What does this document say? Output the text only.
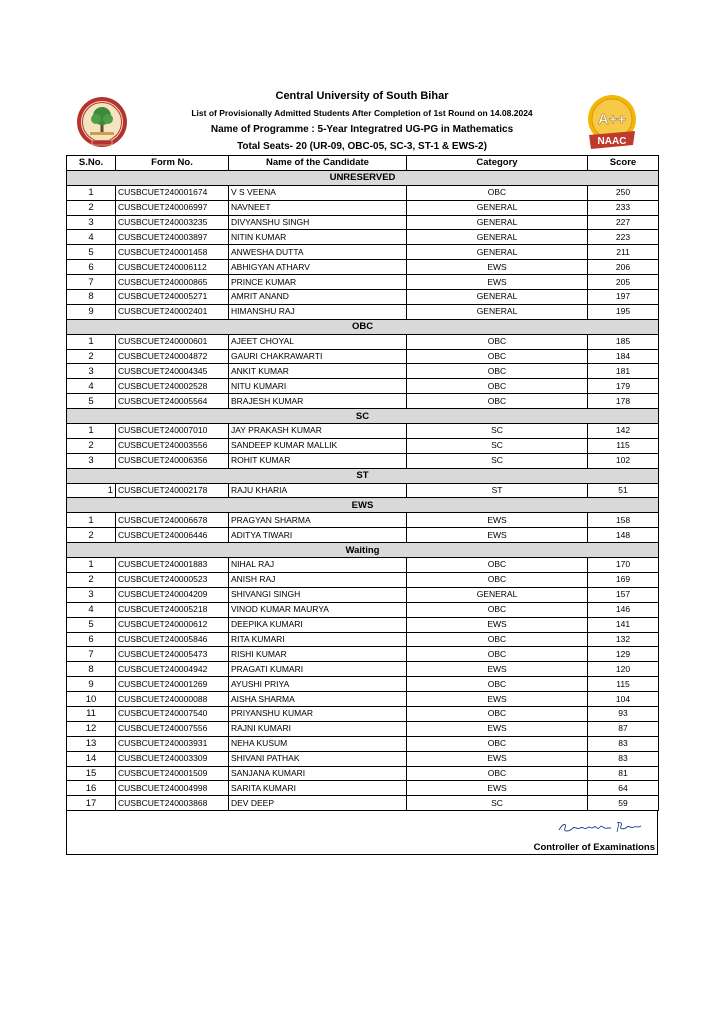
Central University of South Bihar
List of Provisionally Admitted Students After Completion of 1st Round on 14.08.2024
Name of Programme : 5-Year Integratred UG-PG in Mathematics
Total Seats- 20 (UR-09, OBC-05, SC-3, ST-1 & EWS-2)
A++
NAAC
S.No.	Form No.	Name of the Candidate	Category	Score
UNRESERVED				
1	CUSBCUET240001674	V S VEENA	OBC	250
2	CUSBCUET240006997	NAVNEET	GENERAL	233
3	CUSBCUET240003235	DIVYANSHU SINGH	GENERAL	227
4	CUSBCUET240003897	NITIN KUMAR	GENERAL	223
5	CUSBCUET240001458	ANWESHA DUTTA	GENERAL	211
6	CUSBCUET240006112	ABHIGYAN ATHARV	EWS	206
7	CUSBCUET240000865	PRINCE KUMAR	EWS	205
8	CUSBCUET240005271	AMRIT ANAND	GENERAL	197
9	CUSBCUET240002401	HIMANSHU RAJ	GENERAL	195
OBC				
1	CUSBCUET240000601	AJEET CHOYAL	OBC	185
2	CUSBCUET240004872	GAURI CHAKRAWARTI	OBC	184
3	CUSBCUET240004345	ANKIT KUMAR	OBC	181
4	CUSBCUET240002528	NITU KUMARI	OBC	179
5	CUSBCUET240005564	BRAJESH KUMAR	OBC	178
SC				
1	CUSBCUET240007010	JAY PRAKASH KUMAR	SC	142
2	CUSBCUET240003556	SANDEEP KUMAR MALLIK	SC	115
3	CUSBCUET240006356	ROHIT KUMAR	SC	102
ST				
1	CUSBCUET240002178	RAJU KHARIA	ST	51
EWS				
1	CUSBCUET240006678	PRAGYAN SHARMA	EWS	158
2	CUSBCUET240006446	ADITYA TIWARI	EWS	148
Waiting				
1	CUSBCUET240001883	NIHAL RAJ	OBC	170
2	CUSBCUET240000523	ANISH RAJ	OBC	169
3	CUSBCUET240004209	SHIVANGI SINGH	GENERAL	157
4	CUSBCUET240005218	VINOD KUMAR MAURYA	OBC	146
5	CUSBCUET240000612	DEEPIKA KUMARI	EWS	141
6	CUSBCUET240005846	RITA KUMARI	OBC	132
7	CUSBCUET240005473	RISHI KUMAR	OBC	129
8	CUSBCUET240004942	PRAGATI KUMARI	EWS	120
9	CUSBCUET240001269	AYUSHI PRIYA	OBC	115
10	CUSBCUET240000088	AISHA SHARMA	EWS	104
11	CUSBCUET240007540	PRIYANSHU KUMAR	OBC	93
12	CUSBCUET240007556	RAJNI KUMARI	EWS	87
13	CUSBCUET240003931	NEHA KUSUM	OBC	83
14	CUSBCUET240003309	SHIVANI PATHAK	EWS	83
15	CUSBCUET240001509	SANJANA KUMARI	OBC	81
16	CUSBCUET240004998	SARITA KUMARI	EWS	64
17	CUSBCUET240003868	DEV DEEP	SC	59
Controller of Examinations
